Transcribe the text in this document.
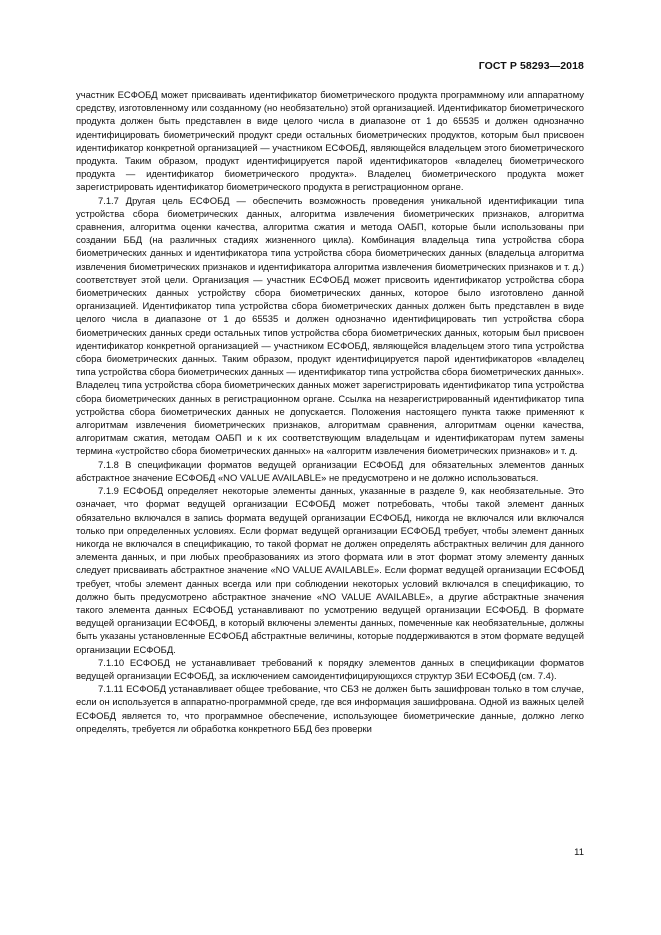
ГОСТ Р 58293—2018

участник ЕСФОБД может присваивать идентификатор биометрического продукта программному или аппаратному средству, изготовленному или созданному (но необязательно) этой организацией. Идентификатор биометрического продукта должен быть представлен в виде целого числа в диапазоне от 1 до 65535 и должен однозначно идентифицировать биометрический продукт среди остальных биометрических продуктов, которым был присвоен идентификатор конкретной организацией — участником ЕСФОБД, являющейся владельцем этого биометрического продукта. Таким образом, продукт идентифицируется парой идентификаторов «владелец биометрического продукта — идентификатор биометрического продукта». Владелец биометрического продукта может зарегистрировать идентификатор биометрического продукта в регистрационном органе.

7.1.7 Другая цель ЕСФОБД — обеспечить возможность проведения уникальной идентификации типа устройства сбора биометрических данных, алгоритма извлечения биометрических признаков, алгоритма сравнения, алгоритма оценки качества, алгоритма сжатия и метода ОАБП, которые были использованы при создании ББД (на различных стадиях жизненного цикла). Комбинация владельца типа устройства сбора биометрических данных и идентификатора типа устройства сбора биометрических данных (владельца алгоритма извлечения биометрических признаков и идентификатора алгоритма извлечения биометрических признаков и т. д.) соответствует этой цели. Организация — участник ЕСФОБД может присвоить идентификатор устройства сбора биометрических данных устройству сбора биометрических данных, которое было изготовлено данной организацией. Идентификатор типа устройства сбора биометрических данных должен быть представлен в виде целого числа в диапазоне от 1 до 65535 и должен однозначно идентифицировать тип устройства сбора биометрических данных среди остальных типов устройства сбора биометрических данных, которым был присвоен идентификатор конкретной организацией — участником ЕСФОБД, являющейся владельцем этого типа устройства сбора биометрических данных. Таким образом, продукт идентифицируется парой идентификаторов «владелец типа устройства сбора биометрических данных — идентификатор типа устройства сбора биометрических данных». Владелец типа устройства сбора биометрических данных может зарегистрировать идентификатор типа устройства сбора биометрических данных в регистрационном органе. Ссылка на незарегистрированный идентификатор типа устройства сбора биометрических данных не допускается. Положения настоящего пункта также применяют к алгоритмам извлечения биометрических признаков, алгоритмам сравнения, алгоритмам оценки качества, алгоритмам сжатия, методам ОАБП и к их соответствующим владельцам и идентификаторам путем замены термина «устройство сбора биометрических данных» на «алгоритм извлечения биометрических признаков» и т. д.

7.1.8 В спецификации форматов ведущей организации ЕСФОБД для обязательных элементов данных абстрактное значение ЕСФОБД «NO VALUE AVAILABLE» не предусмотрено и не должно использоваться.

7.1.9 ЕСФОБД определяет некоторые элементы данных, указанные в разделе 9, как необязательные. Это означает, что формат ведущей организации ЕСФОБД может потребовать, чтобы такой элемент данных обязательно включался в запись формата ведущей организации ЕСФОБД, никогда не включался или включался только при определенных условиях. Если формат ведущей организации ЕСФОБД требует, чтобы элемент данных никогда не включался в спецификацию, то такой формат не должен определять абстрактных величин для данного элемента данных, и при любых преобразованиях из этого формата или в этот формат этому элементу данных следует присваивать абстрактное значение «NO VALUE AVAILABLE». Если формат ведущей организации ЕСФОБД требует, чтобы элемент данных всегда или при соблюдении некоторых условий включался в спецификацию, то должно быть предусмотрено абстрактное значение «NO VALUE AVAILABLE», а другие абстрактные значения такого элемента данных ЕСФОБД устанавливают по усмотрению ведущей организации ЕСФОБД. В формате ведущей организации ЕСФОБД, в который включены элементы данных, помеченные как необязательные, должны быть указаны установленные ЕСФОБД абстрактные величины, которые поддерживаются в этом формате ведущей организации ЕСФОБД.

7.1.10 ЕСФОБД не устанавливает требований к порядку элементов данных в спецификации форматов ведущей организации ЕСФОБД, за исключением самоидентифицирующихся структур ЗБИ ЕСФОБД (см. 7.4).

7.1.11 ЕСФОБД устанавливает общее требование, что СБЗ не должен быть зашифрован только в том случае, если он используется в аппаратно-программной среде, где вся информация зашифрована. Одной из важных целей ЕСФОБД является то, что программное обеспечение, использующее биометрические данные, должно легко определять, требуется ли обработка конкретного ББД без проверки

11
